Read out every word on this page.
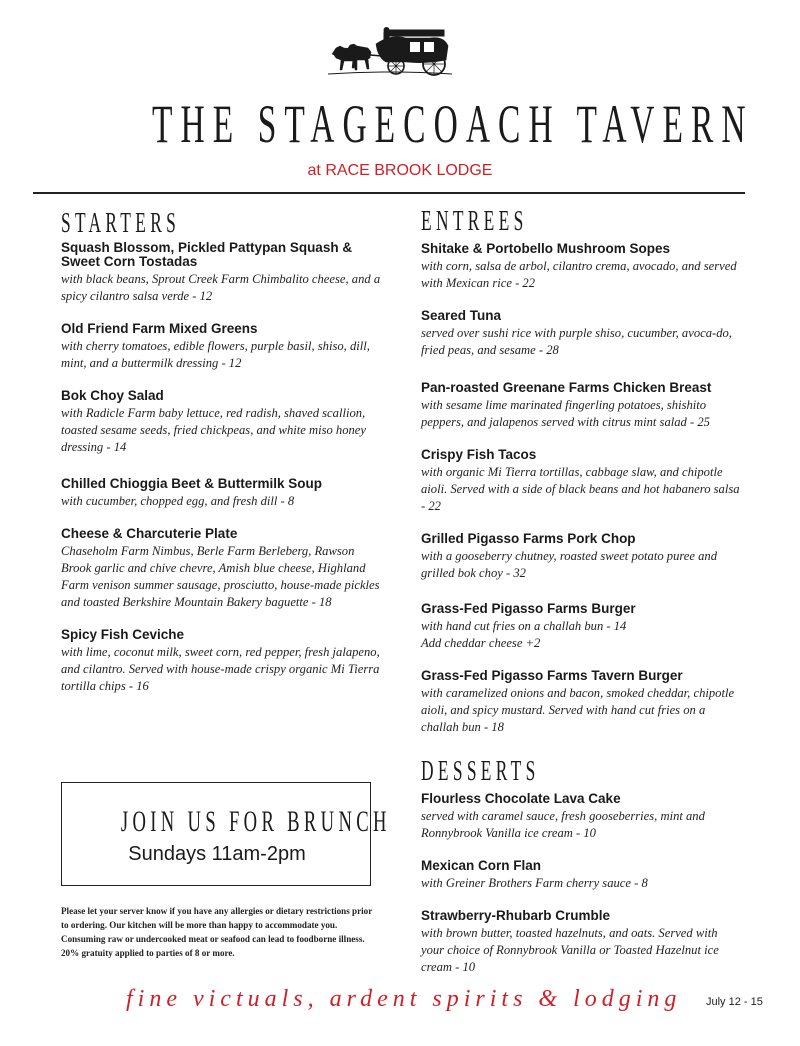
THE STAGECOACH TAVERN
at RACE BROOK LODGE
STARTERS
Squash Blossom, Pickled Pattypan Squash & Sweet Corn Tostadas
with black beans, Sprout Creek Farm Chimbalito cheese, and a spicy cilantro salsa verde - 12
Old Friend Farm Mixed Greens
with cherry tomatoes, edible flowers, purple basil, shiso, dill, mint, and a buttermilk dressing - 12
Bok Choy Salad
with Radicle Farm baby lettuce, red radish, shaved scallion, toasted sesame seeds, fried chickpeas, and white miso honey dressing - 14
Chilled Chioggia Beet & Buttermilk Soup
with cucumber, chopped egg, and fresh dill - 8
Cheese & Charcuterie Plate
Chaseholm Farm Nimbus, Berle Farm Berleberg, Rawson Brook garlic and chive chevre, Amish blue cheese, Highland Farm venison summer sausage, prosciutto, house-made pickles and toasted Berkshire Mountain Bakery baguette - 18
Spicy Fish Ceviche
with lime, coconut milk, sweet corn, red pepper, fresh jalapeno, and cilantro. Served with house-made crispy organic Mi Tierra tortilla chips - 16
ENTREES
Shitake & Portobello Mushroom Sopes
with corn, salsa de arbol, cilantro crema, avocado, and served with Mexican rice - 22
Seared Tuna
served over sushi rice with purple shiso, cucumber, avoca-do, fried peas, and sesame - 28
Pan-roasted Greenane Farms Chicken Breast
with sesame lime marinated fingerling potatoes, shishito peppers, and jalapenos served with citrus mint salad - 25
Crispy Fish Tacos
with organic Mi Tierra tortillas, cabbage slaw, and chipotle aioli. Served with a side of black beans and hot habanero salsa - 22
Grilled Pigasso Farms Pork Chop
with a gooseberry chutney, roasted sweet potato puree and grilled bok choy - 32
Grass-Fed Pigasso Farms Burger
with hand cut fries on a challah bun - 14
Add cheddar cheese +2
Grass-Fed Pigasso Farms Tavern Burger
with caramelized onions and bacon, smoked cheddar, chipotle aioli, and spicy mustard. Served with hand cut fries on a challah bun - 18
DESSERTS
Flourless Chocolate Lava Cake
served with caramel sauce, fresh gooseberries, mint and Ronnybrook Vanilla ice cream - 10
Mexican Corn Flan
with Greiner Brothers Farm cherry sauce - 8
Strawberry-Rhubarb Crumble
with brown butter, toasted hazelnuts, and oats. Served with your choice of Ronnybrook Vanilla or Toasted Hazelnut ice cream - 10
JOIN US FOR BRUNCH
Sundays 11am-2pm
Please let your server know if you have any allergies or dietary restrictions prior to ordering. Our kitchen will be more than happy to accommodate you. Consuming raw or undercooked meat or seafood can lead to foodborne illness. 20% gratuity applied to parties of 8 or more.
fine victuals, ardent spirits & lodging	July 12 - 15
